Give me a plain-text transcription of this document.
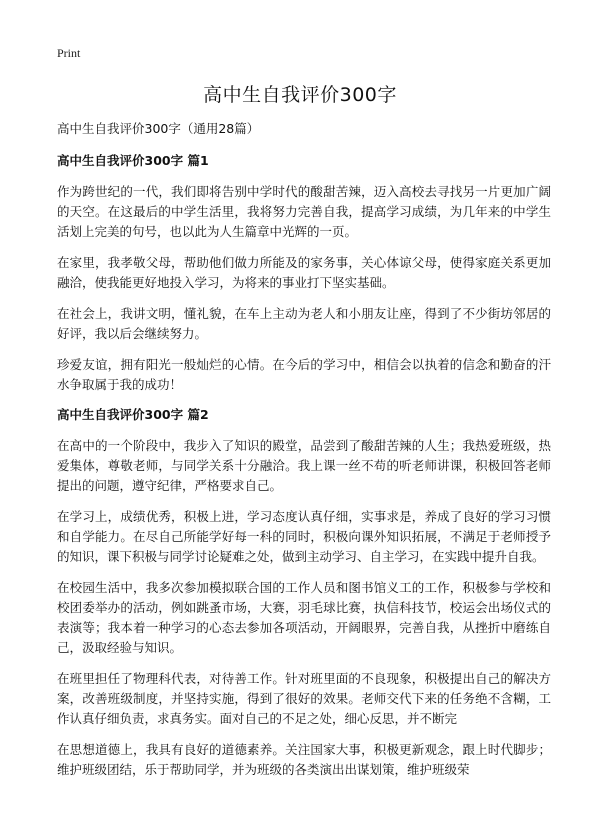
Print
高中生自我评价300字

高中生自我评价300字（通用28篇）

高中生自我评价300字 篇1

作为跨世纪的一代，我们即将告别中学时代的酸甜苦辣，迈入高校去寻找另一片更加广阔的天空。在这最后的中学生活里，我将努力完善自我，提高学习成绩，为几年来的中学生活划上完美的句号，也以此为人生篇章中光辉的一页。

在家里，我孝敬父母，帮助他们做力所能及的家务事，关心体谅父母，使得家庭关系更加融洽，使我能更好地投入学习，为将来的事业打下坚实基础。

在社会上，我讲文明，懂礼貌，在车上主动为老人和小朋友让座，得到了不少街坊邻居的好评，我以后会继续努力。

珍爱友谊，拥有阳光一般灿烂的心情。在今后的学习中，相信会以执着的信念和勤奋的汗水争取属于我的成功！

高中生自我评价300字 篇2

在高中的一个阶段中，我步入了知识的殿堂，品尝到了酸甜苦辣的人生；我热爱班级，热爱集体，尊敬老师，与同学关系十分融洽。我上课一丝不苟的听老师讲课，积极回答老师提出的问题，遵守纪律，严格要求自己。

在学习上，成绩优秀，积极上进，学习态度认真仔细，实事求是，养成了良好的学习习惯和自学能力。在尽自己所能学好每一科的同时，积极向课外知识拓展，不满足于老师授予的知识，课下积极与同学讨论疑难之处，做到主动学习、自主学习，在实践中提升自我。

在校园生活中，我多次参加模拟联合国的工作人员和图书馆义工的工作，积极参与学校和校团委举办的活动，例如跳蚤市场，大赛，羽毛球比赛，执信科技节，校运会出场仪式的表演等；我本着一种学习的心态去参加各项活动，开阔眼界，完善自我，从挫折中磨练自己，汲取经验与知识。

在班里担任了物理科代表，对待善工作。针对班里面的不良现象，积极提出自己的解决方案，改善班级制度，并坚持实施，得到了很好的效果。老师交代下来的任务绝不含糊，工作认真仔细负责，求真务实。面对自己的不足之处，细心反思，并不断完

在思想道德上，我具有良好的道德素养。关注国家大事，积极更新观念，跟上时代脚步；维护班级团结，乐于帮助同学，并为班级的各类演出出谋划策，维护班级荣
